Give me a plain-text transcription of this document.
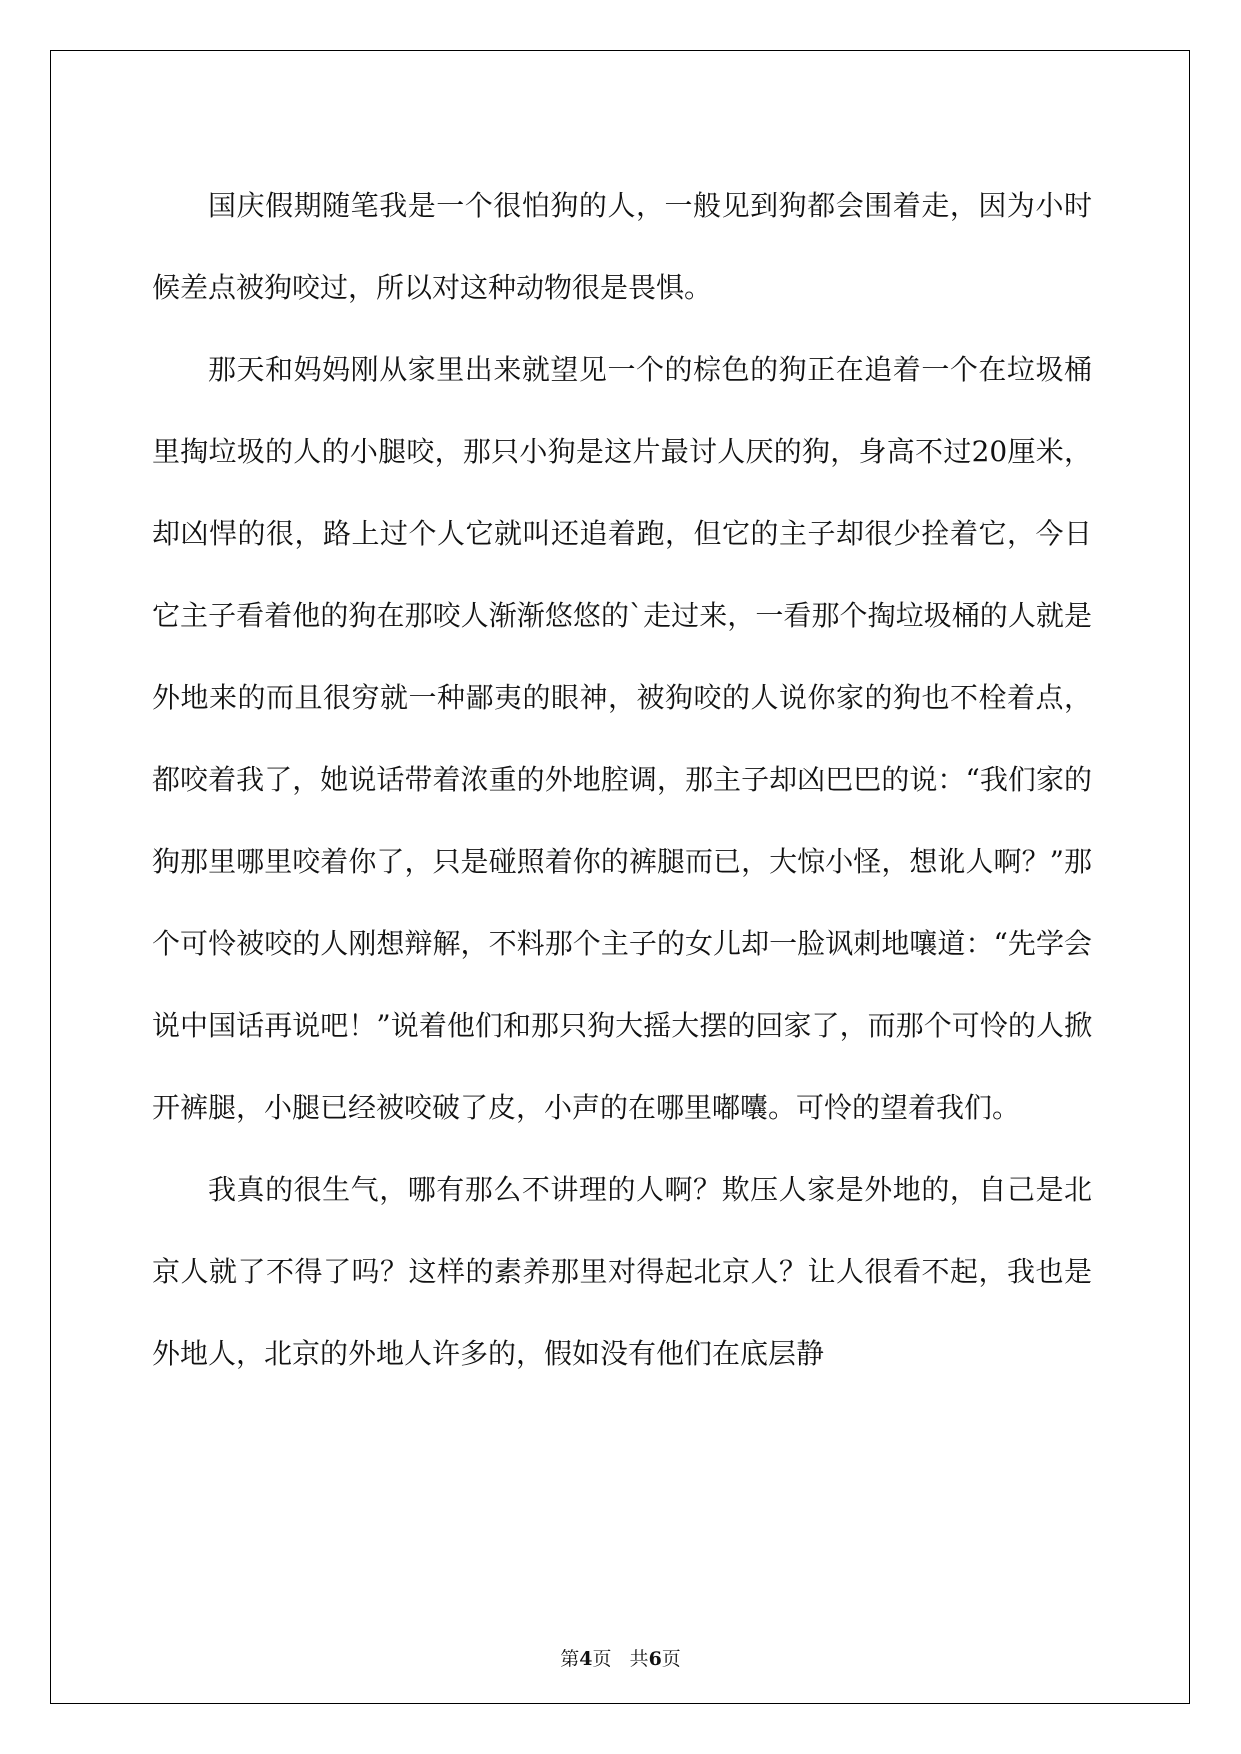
国庆假期随笔我是一个很怕狗的人，一般见到狗都会围着走，因为小时候差点被狗咬过，所以对这种动物很是畏惧。

那天和妈妈刚从家里出来就望见一个的棕色的狗正在追着一个在垃圾桶里掏垃圾的人的小腿咬，那只小狗是这片最讨人厌的狗，身高不过20厘米，却凶悍的很，路上过个人它就叫还追着跑，但它的主子却很少拴着它，今日它主子看着他的狗在那咬人渐渐悠悠的`走过来，一看那个掏垃圾桶的人就是外地来的而且很穷就一种鄙夷的眼神，被狗咬的人说你家的狗也不栓着点，都咬着我了，她说话带着浓重的外地腔调，那主子却凶巴巴的说：“我们家的狗那里哪里咬着你了，只是碰照着你的裤腿而已，大惊小怪，想讹人啊？”那个可怜被咬的人刚想辩解，不料那个主子的女儿却一脸讽刺地嚷道：“先学会说中国话再说吧！”说着他们和那只狗大摇大摆的回家了，而那个可怜的人掀开裤腿，小腿已经被咬破了皮，小声的在哪里嘟囔。可怜的望着我们。

我真的很生气，哪有那么不讲理的人啊？欺压人家是外地的，自己是北京人就了不得了吗？这样的素养那里对得起北京人？让人很看不起，我也是外地人，北京的外地人许多的，假如没有他们在底层静

第4页   共6页
